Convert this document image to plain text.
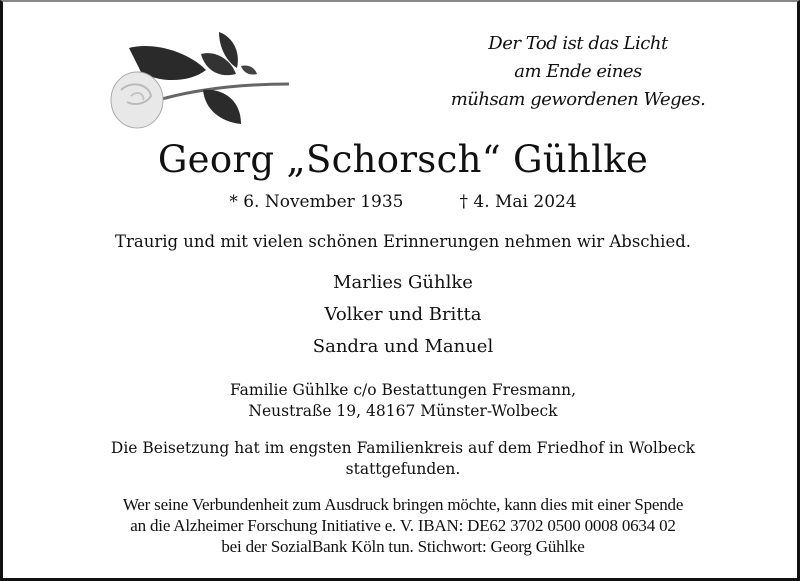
Der Tod ist das Licht
am Ende eines
mühsam gewordenen Weges.
Georg „Schorsch“ Gühlke
* 6. November 1935	† 4. Mai 2024
Traurig und mit vielen schönen Erinnerungen nehmen wir Abschied.
Marlies Gühlke
Volker und Britta
Sandra und Manuel
Familie Gühlke c/o Bestattungen Fresmann,
Neustraße 19, 48167 Münster-Wolbeck
Die Beisetzung hat im engsten Familienkreis auf dem Friedhof in Wolbeck
stattgefunden.
Wer seine Verbundenheit zum Ausdruck bringen möchte, kann dies mit einer Spende
an die Alzheimer Forschung Initiative e. V. IBAN: DE62 3702 0500 0008 0634 02
bei der SozialBank Köln tun. Stichwort: Georg Gühlke
